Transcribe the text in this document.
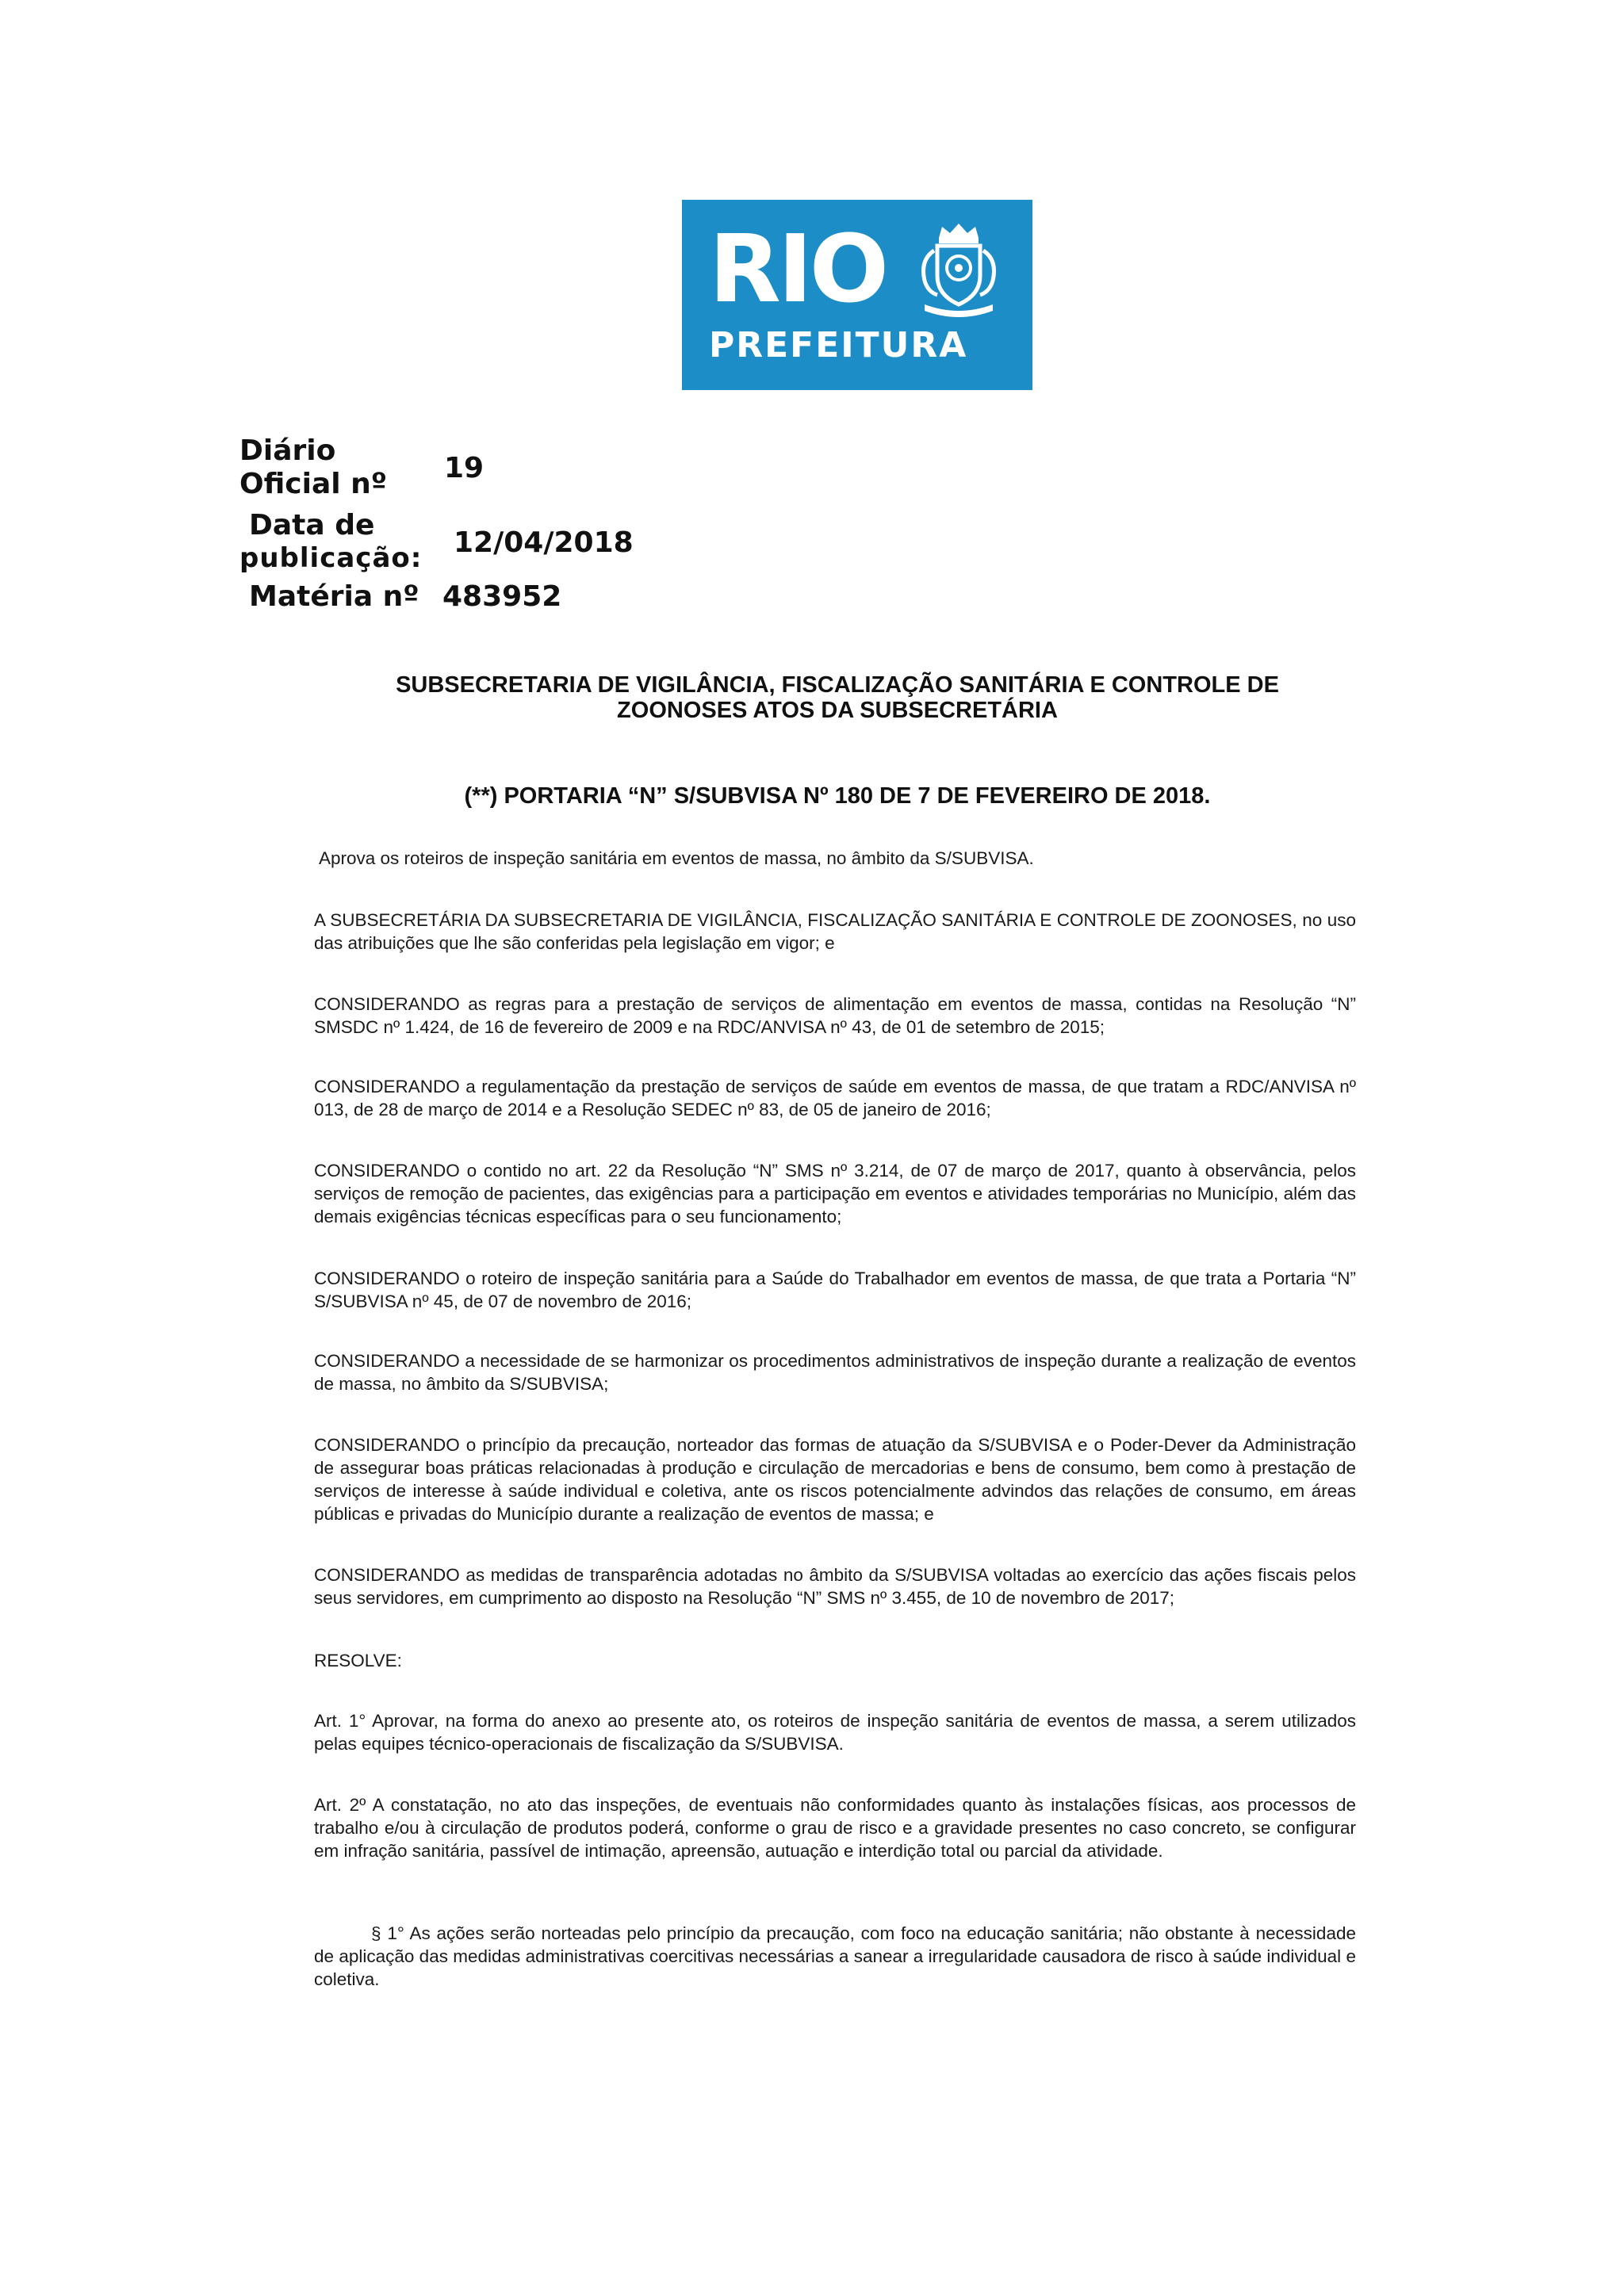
RIO
PREFEITURA
Diário
Oficial nº 19
Data de
publicação: 12/04/2018
Matéria nº 483952
SUBSECRETARIA DE VIGILÂNCIA, FISCALIZAÇÃO SANITÁRIA E CONTROLE DE
ZOONOSES ATOS DA SUBSECRETÁRIA
(**) PORTARIA “N” S/SUBVISA Nº 180 DE 7 DE FEVEREIRO DE 2018.
Aprova os roteiros de inspeção sanitária em eventos de massa, no âmbito da S/SUBVISA.
A SUBSECRETÁRIA DA SUBSECRETARIA DE VIGILÂNCIA, FISCALIZAÇÃO SANITÁRIA E CONTROLE DE ZOONOSES, no uso das atribuições que lhe são conferidas pela legislação em vigor; e
CONSIDERANDO as regras para a prestação de serviços de alimentação em eventos de massa, contidas na Resolução “N” SMSDC nº 1.424, de 16 de fevereiro de 2009 e na RDC/ANVISA nº 43, de 01 de setembro de 2015;
CONSIDERANDO a regulamentação da prestação de serviços de saúde em eventos de massa, de que tratam a RDC/ANVISA nº 013, de 28 de março de 2014 e a Resolução SEDEC nº 83, de 05 de janeiro de 2016;
CONSIDERANDO o contido no art. 22 da Resolução “N” SMS nº 3.214, de 07 de março de 2017, quanto à observância, pelos serviços de remoção de pacientes, das exigências para a participação em eventos e atividades temporárias no Município, além das demais exigências técnicas específicas para o seu funcionamento;
CONSIDERANDO o roteiro de inspeção sanitária para a Saúde do Trabalhador em eventos de massa, de que trata a Portaria “N” S/SUBVISA nº 45, de 07 de novembro de 2016;
CONSIDERANDO a necessidade de se harmonizar os procedimentos administrativos de inspeção durante a realização de eventos de massa, no âmbito da S/SUBVISA;
CONSIDERANDO o princípio da precaução, norteador das formas de atuação da S/SUBVISA e o Poder-Dever da Administração de assegurar boas práticas relacionadas à produção e circulação de mercadorias e bens de consumo, bem como à prestação de serviços de interesse à saúde individual e coletiva, ante os riscos potencialmente advindos das relações de consumo, em áreas públicas e privadas do Município durante a realização de eventos de massa; e
CONSIDERANDO as medidas de transparência adotadas no âmbito da S/SUBVISA voltadas ao exercício das ações fiscais pelos seus servidores, em cumprimento ao disposto na Resolução “N” SMS nº 3.455, de 10 de novembro de 2017;
RESOLVE:
Art. 1° Aprovar, na forma do anexo ao presente ato, os roteiros de inspeção sanitária de eventos de massa, a serem utilizados pelas equipes técnico-operacionais de fiscalização da S/SUBVISA.
Art. 2º A constatação, no ato das inspeções, de eventuais não conformidades quanto às instalações físicas, aos processos de trabalho e/ou à circulação de produtos poderá, conforme o grau de risco e a gravidade presentes no caso concreto, se configurar em infração sanitária, passível de intimação, apreensão, autuação e interdição total ou parcial da atividade.
§ 1° As ações serão norteadas pelo princípio da precaução, com foco na educação sanitária; não obstante à necessidade de aplicação das medidas administrativas coercitivas necessárias a sanear a irregularidade causadora de risco à saúde individual e coletiva.
